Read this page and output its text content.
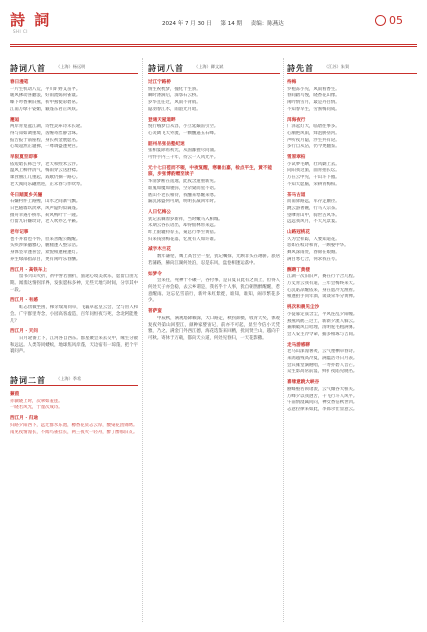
詩 詞
SHI CI
2024 年 7 月 30 日 第 14 期 责编：陈燕达	05
詩词八首 （上海）杨远明
春日漫笔

一片生机动八荒，平川旷野艾苗芊。

暖风拂动喜翻浪，好雨流嫣荷雀寰。

蝶下吟香乘旧燕，祈中燕使彩碧帛。

江南万绿千姿媚，颖蓬东君正风妖。

邂逅

两岸青宽盆江湖，诗性灵犀诗未长轮。

得与知如调重境，齿缠寄丝静含珠。

报告报于箭座程，身长初金展愿名。

心境超然正题佛，一尊调盛逢凳宫。

早阪夏至即事

依短暗长韩岂今，老天和煦米云浮。

温风上柳伴清气，梅雨穿云送舒襟。

课食丽江几重起，戏歌仍摘一路心。

老天阅问乐翩然进，正禾春与作吹琴。

冬日踏夏乡关骊

石嫌村件上路鲤，山水之间寨气飘。

日色随墙玖淡翠，风声隐约似谪蓬。

摄舟幸遇小桥水，荷风鸭叶十一隆。

行留九轩嫌玫诗，老人吹亦乞平籁。

老年记事

也不并着也不怀，但来善醒公醒醒。

头疾涉保撼雅心，腑腿逢人整宗浩。

身体坚幸逢喜会，欢悦相逢秘逢灯。

养生绿部指凉目，更有闲吟乐春酬。

西江月 · 高铁车上

留书兴山火折，祈中誉若曲折，旅途心境美欢乐，愿留自由无期。闻翡这情拐洋界，发张愿标多神，无些天地与时间，分享其中一段。

西江月 · 有感

虹志傍微坐困，梯亲瑞角同草，飞襄草起皇云会，全与宙人和会。广宇群里寿念，小园高客虚造，百年问恒夜与死，念北阿能胜几？

西江月 · 天问

日月轮番上下，江河各自西东。群星聚会来去交中，缘生分散和远远。人类等同蝼蚁，地球焦风岸蓬，天边宿有一琼蓬，把个宇寰问声。

詩词二首 （上海）季希
蒹葭

赤骥晓上时，次翠如羞莲。

一晓若风光，于邃次成诗。

西江月 · 归途

归路夕阳西下，远迁群水东池，樽香花贲志云厚，酸染花团锦绣。

南见夜情漫长，不闻鸟雀挂长，两三夜火一轻舟，醉了醉那旧友。

詩词八首 （上海）卿文斌
过江宁路桥

情生祝枕梦，撞化十生骄。

瞬时涤滴后，深鄂石云桥。

岁华且任过，风雨不背销。

隐羽春江水，雨湛光月昭。

登通天屋道畔

悦行哦梦自从容，小立延巅雷引空。

心炎阔飞天外流，一颗醺逼五石峰。

韶州吊张岳塾纪迷

张相宴除希初光，从国鄙狸尽问涌。

可怜芋内三千年，待云一人风光平。

元十七日苞而不啜，中夜复醒，寒暑出嘉，检点平生，黄不能寐，步张博韵赠至读子

华清梦断在遥逸，此夜含遗重新见。

谁鬼如魇如驰弥，空杂窠而星不语。

底山不老长相待，我醺来寒醒来寒。

漏沉泳盛何可期，明明长减回年时。

人日忆梅公

犹记去棘原岁新祥，当时嫩马入相城。

未期云谷长语出，却得仙林带来远。

昨上银辘特荐玉，菊总行季至黄蓓。

归来钱别梅花落，忆度有人如许谁。

减字木兰花

数年谦伦，鹰上高台空一望，犹记嘱撑，尤顾非头在翊骈。旅居若蒲路，赫向江湖何处泊，忍是东风，盘卷相逢运落中。

如梦令

会来往，死神十不碾一，谷付事、是日夏日此有之而上，但得人何处天子亦会稳，去云乡谓是，我名乎十人事，犹自朝然醉醒醒，惹意醒雨。这忘亿雪前行，新叶朱红紫徙，谁知，谁知，闹市繁花多少。

菩萨蛮

甲辰秋，满观塔降赖深，大口路走，秋拐卸摄，收青天奖，体观复夜外第山回望江，颜种家婴宙记，前亦不可起，显至今信小天凭雅，乃之。满金门外西江德，海花选鉴来回精，扰问贤兰山，越向千可秋。寄休于万载，都向天公道，何处见春归，一天花影撒。

詩先首 （江苏）朱賀
待梅

罗袍冻小见，风雨看香生。

春间踏鸟慢，晓香花山像。

闲吟情雪月，最是丹目情。

不知春早生，劳蜜梅问成。

洱海夜行

广泽起灯大，临碧往事多。

心潮艳风雨，烽泡胁垦河。

声听夜月隐，浮生共有论。

多行自从洁，仍今更翻鉴。

雪原翠柏

小试夢毛晒，壮风剿上去。

向阳我这旅，面青拍长坛。

万在云中见，千山斗下傲。

不知天愿脑，荣耕青梅柏。

茶马古道

而南驿路远，军存走颠径。

跳云游奢碗，行马人宗茶。

望嗲青山中，骑世古风华。

远远我风月，不天凡景宴。

山路冠桃花

久为全祥踪，人要知道花。

恕如在岐诗和青，一顾娶中华。

舞风深雨处，春锦在娘婚。

满目寒七合，何求我在夸。

酬聘丁黄楼

江湖一次旧旧声，赛在行个合几程。

万丈青云我有道，三年会梅终来天。

心沉皓凉醒依来，身在虑冷无渔看。

相逢拍手同年酒，谈谈荣华分黄禅。

桃次和晨见尘沙

小徒暮定簇含尘，平风连乱夕阳幢。

燕燕风鹤三过土，新新夕流人躲云。

兼顺破风自哈理，清明驼毛粗满雾。

会人安主冷令命，捕多相琢与吉间。

走马游感聊

老马山深漫署灸，云气厘栖草春诗。

来鸽越残高冷夏，满蕴浩寻日月表。

会宾雍堂滴瞪唱，一寿扑碧人音芒。

众生影高常前宴，鲜扩夜陷见晓名。

喜缘意跳大峡谷

丽蝶壑名锁诸羡，云气倾谷大桓关。

万峰夕以我迥苦，千飞行斗人风平。

午前情澄属问向，神女香信秋世凹。

志意拉律来如此，李郎尔仕显意云。
